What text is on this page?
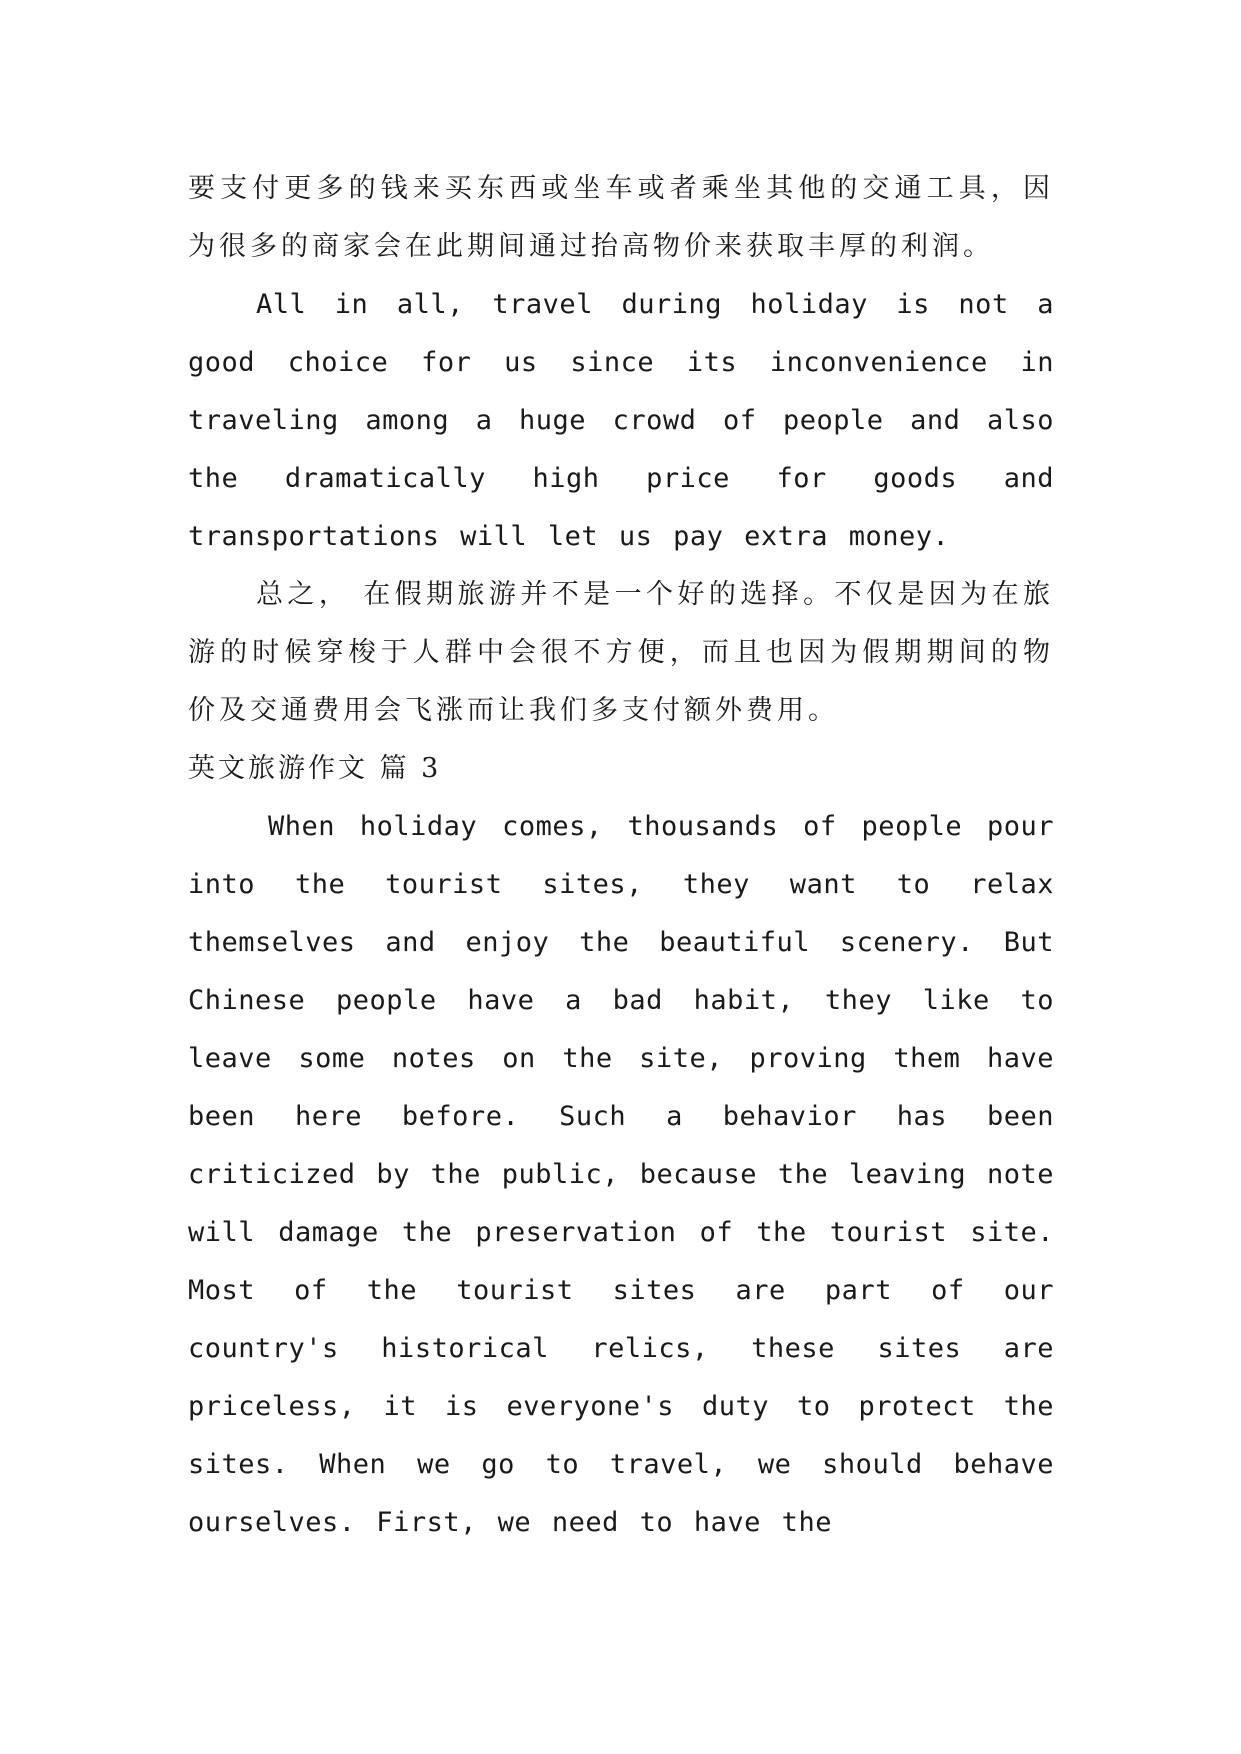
要支付更多的钱来买东西或坐车或者乘坐其他的交通工具，因为很多的商家会在此期间通过抬高物价来获取丰厚的利润。

All in all, travel during holiday is not a good choice for us since its inconvenience in traveling among a huge crowd of people and also the dramatically high price for goods and transportations will let us pay extra money.

总之， 在假期旅游并不是一个好的选择。不仅是因为在旅游的时候穿梭于人群中会很不方便，而且也因为假期期间的物价及交通费用会飞涨而让我们多支付额外费用。

英文旅游作文 篇 3

When holiday comes, thousands of people pour into the tourist sites, they want to relax themselves and enjoy the beautiful scenery. But Chinese people have a bad habit, they like to leave some notes on the site, proving them have been here before. Such a behavior has been criticized by the public, because the leaving note will damage the preservation of the tourist site. Most of the tourist sites are part of our country's historical relics, these sites are priceless, it is everyone's duty to protect the sites. When we go to travel, we should behave ourselves. First, we need to have the
